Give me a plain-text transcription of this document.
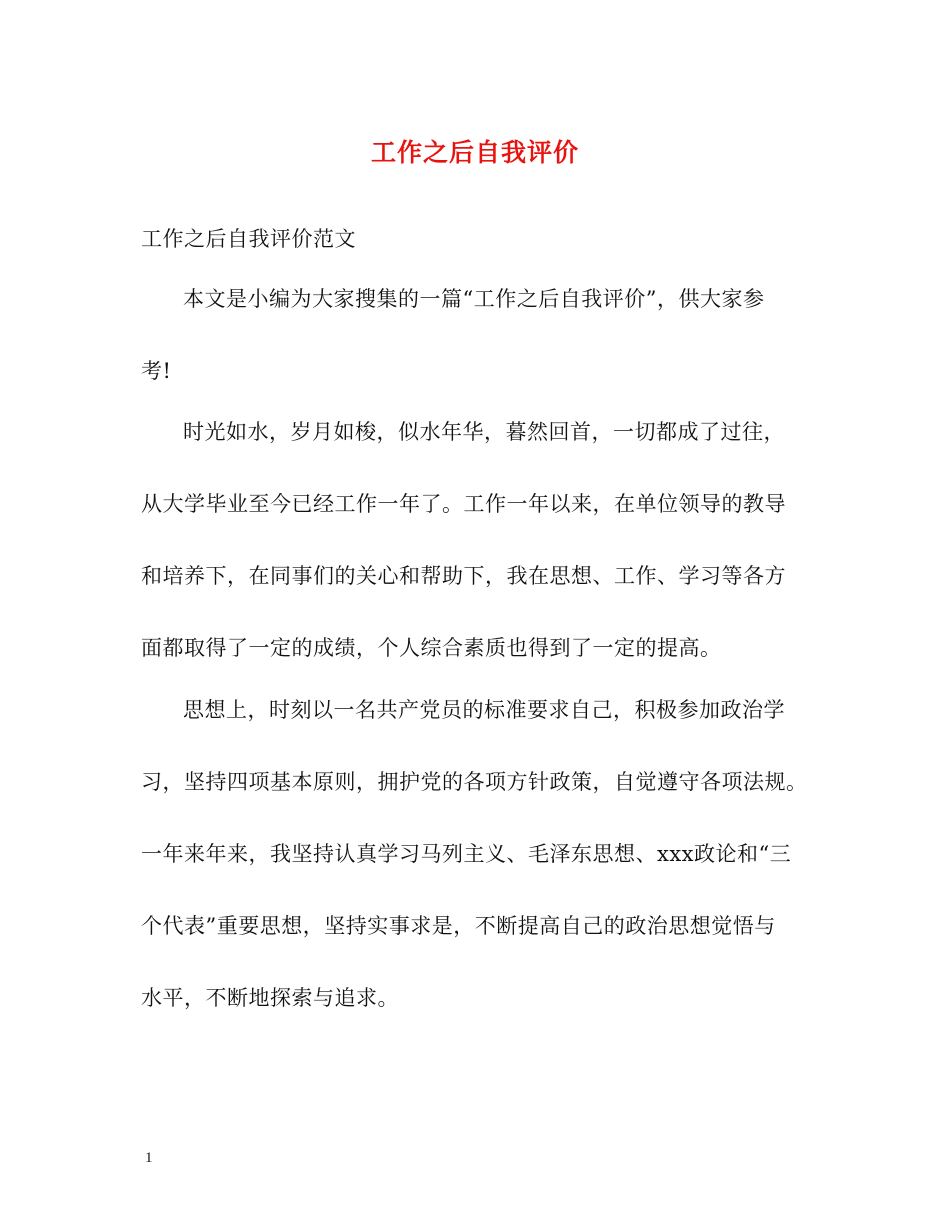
工作之后自我评价
工作之后自我评价范文
本文是小编为大家搜集的一篇“工作之后自我评价”，供大家参
考!
时光如水，岁月如梭，似水年华，暮然回首，一切都成了过往，
从大学毕业至今已经工作一年了。工作一年以来，在单位领导的教导
和培养下，在同事们的关心和帮助下，我在思想、工作、学习等各方
面都取得了一定的成绩，个人综合素质也得到了一定的提高。
思想上，时刻以一名共产党员的标准要求自己，积极参加政治学
习，坚持四项基本原则，拥护党的各项方针政策，自觉遵守各项法规。
一年来年来，我坚持认真学习马列主义、毛泽东思想、xxx政论和“三
个代表”重要思想，坚持实事求是，不断提高自己的政治思想觉悟与
水平，不断地探索与追求。
1
